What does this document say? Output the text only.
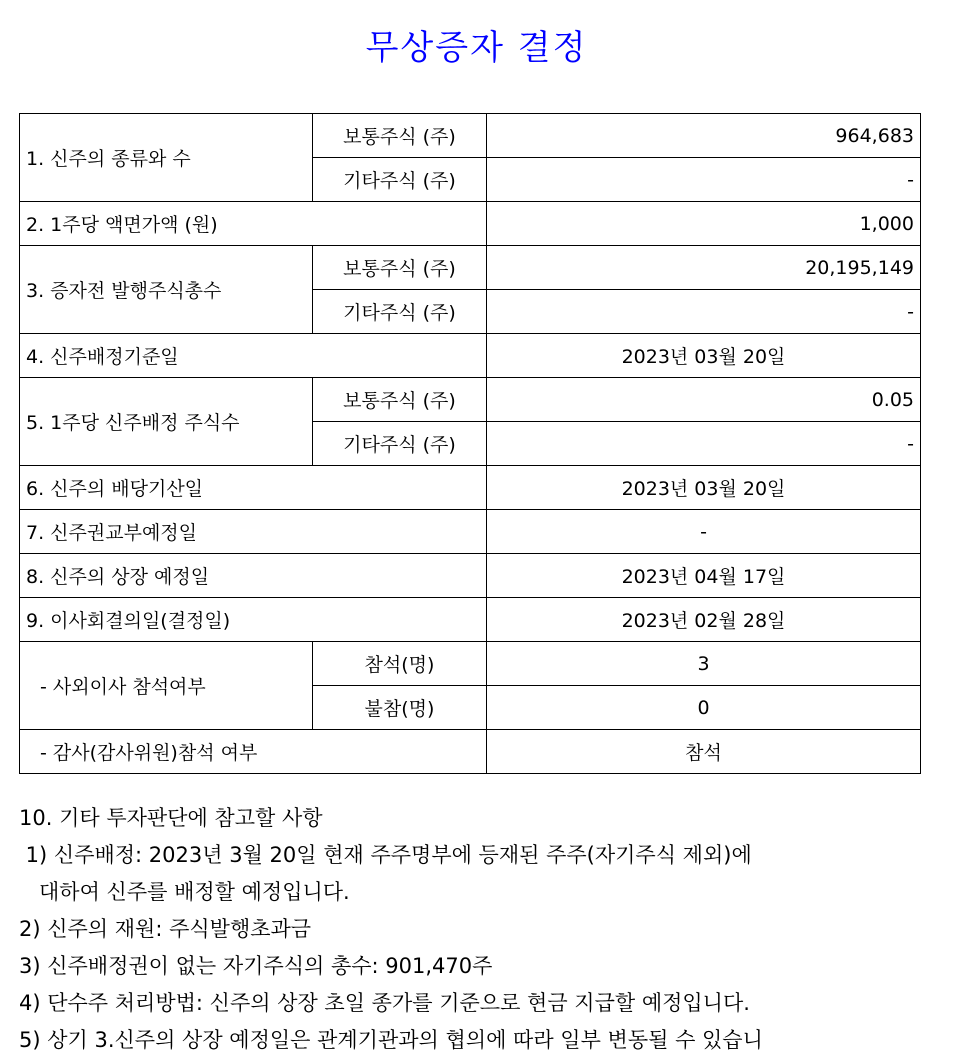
무상증자 결정
1. 신주의 종류와 수	보통주식 (주)	964,683
	기타주식 (주)	-
2. 1주당 액면가액 (원)		1,000
3. 증자전 발행주식총수	보통주식 (주)	20,195,149
	기타주식 (주)	-
4. 신주배정기준일		2023년 03월 20일
5. 1주당 신주배정 주식수	보통주식 (주)	0.05
	기타주식 (주)	-
6. 신주의 배당기산일		2023년 03월 20일
7. 신주권교부예정일		-
8. 신주의 상장 예정일		2023년 04월 17일
9. 이사회결의일(결정일)		2023년 02월 28일
- 사외이사 참석여부	참석(명)	3
	불참(명)	0
- 감사(감사위원)참석 여부		참석
10. 기타 투자판단에 참고할 사항
1) 신주배정: 2023년 3월 20일 현재 주주명부에 등재된 주주(자기주식 제외)에
대하여 신주를 배정할 예정입니다.
2) 신주의 재원: 주식발행초과금
3) 신주배정권이 없는 자기주식의 총수: 901,470주
4) 단수주 처리방법: 신주의 상장 초일 종가를 기준으로 현금 지급할 예정입니다.
5) 상기 3.신주의 상장 예정일은 관계기관과의 협의에 따라 일부 변동될 수 있습니
